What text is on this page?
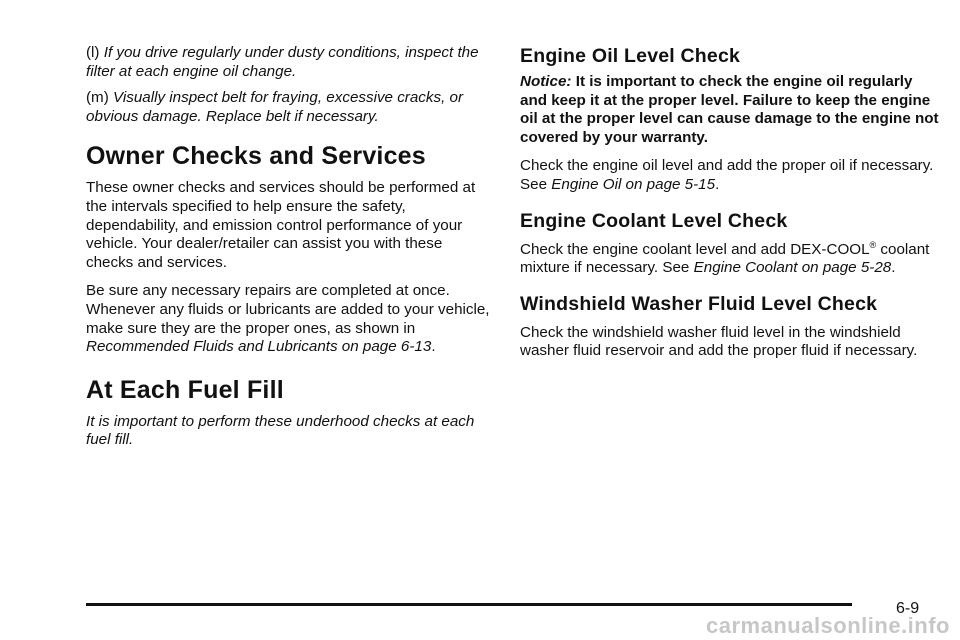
(l) If you drive regularly under dusty conditions, inspect the filter at each engine oil change.

(m) Visually inspect belt for fraying, excessive cracks, or obvious damage. Replace belt if necessary.

Owner Checks and Services

These owner checks and services should be performed at the intervals specified to help ensure the safety, dependability, and emission control performance of your vehicle. Your dealer/retailer can assist you with these checks and services.

Be sure any necessary repairs are completed at once. Whenever any fluids or lubricants are added to your vehicle, make sure they are the proper ones, as shown in Recommended Fluids and Lubricants on page 6-13.

At Each Fuel Fill

It is important to perform these underhood checks at each fuel fill.

Engine Oil Level Check

Notice: It is important to check the engine oil regularly and keep it at the proper level. Failure to keep the engine oil at the proper level can cause damage to the engine not covered by your warranty.

Check the engine oil level and add the proper oil if necessary. See Engine Oil on page 5-15.

Engine Coolant Level Check

Check the engine coolant level and add DEX-COOL® coolant mixture if necessary. See Engine Coolant on page 5-28.

Windshield Washer Fluid Level Check

Check the windshield washer fluid level in the windshield washer fluid reservoir and add the proper fluid if necessary.

6-9
carmanualsonline.info
